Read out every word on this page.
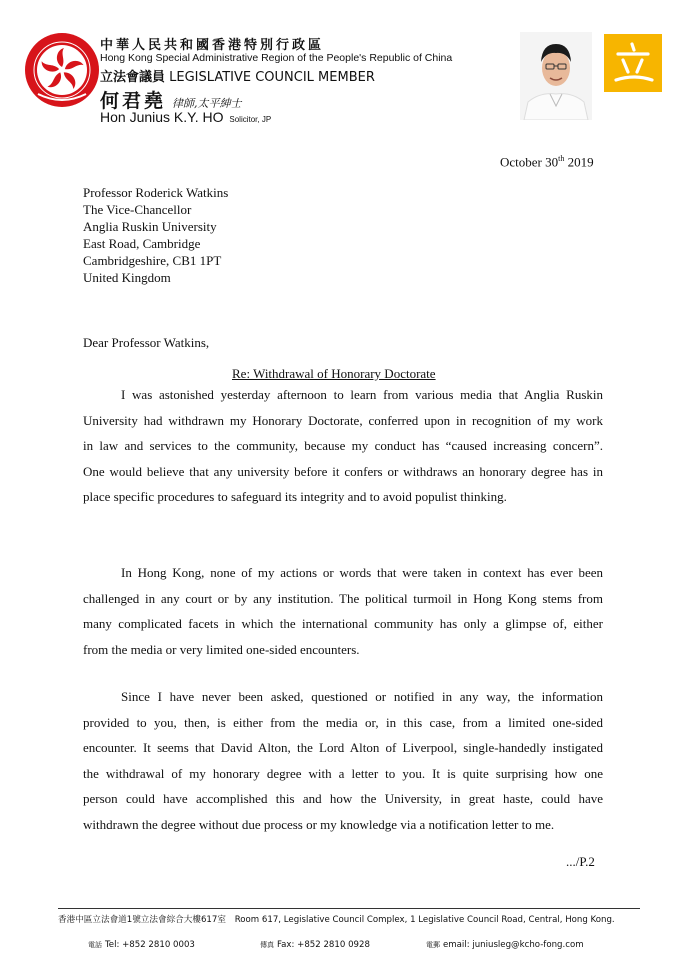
中華人民共和國香港特別行政區
Hong Kong Special Administrative Region of the People's Republic of China
立法會議員 LEGISLATIVE COUNCIL MEMBER
何君堯 律師,太平紳士
Hon Junius K.Y. HO Solicitor, JP
October 30th 2019
Professor Roderick Watkins
The Vice-Chancellor
Anglia Ruskin University
East Road, Cambridge
Cambridgeshire, CB1 1PT
United Kingdom
Dear Professor Watkins,
Re: Withdrawal of Honorary Doctorate
I was astonished yesterday afternoon to learn from various media that Anglia Ruskin
University had withdrawn my Honorary Doctorate, conferred upon in recognition of my work
in law and services to the community, because my conduct has “caused increasing concern”.
One would believe that any university before it confers or withdraws an honorary degree has in
place specific procedures to safeguard its integrity and to avoid populist thinking.
In Hong Kong, none of my actions or words that were taken in context has ever been
challenged in any court or by any institution. The political turmoil in Hong Kong stems from
many complicated facets in which the international community has only a glimpse of, either
from the media or very limited one-sided encounters.
Since I have never been asked, questioned or notified in any way, the information
provided to you, then, is either from the media or, in this case, from a limited one-sided
encounter. It seems that David Alton, the Lord Alton of Liverpool, single-handedly instigated
the withdrawal of my honorary degree with a letter to you. It is quite surprising how one
person could have accomplished this and how the University, in great haste, could have
withdrawn the degree without due process or my knowledge via a notification letter to me.
.../P.2
香港中區立法會道1號立法會綜合大樓617室 Room 617, Legislative Council Complex, 1 Legislative Council Road, Central, Hong Kong.
電話 Tel: +852 2810 0003	傳真 Fax: +852 2810 0928	電郵 email: juniusleg@kcho-fong.com
